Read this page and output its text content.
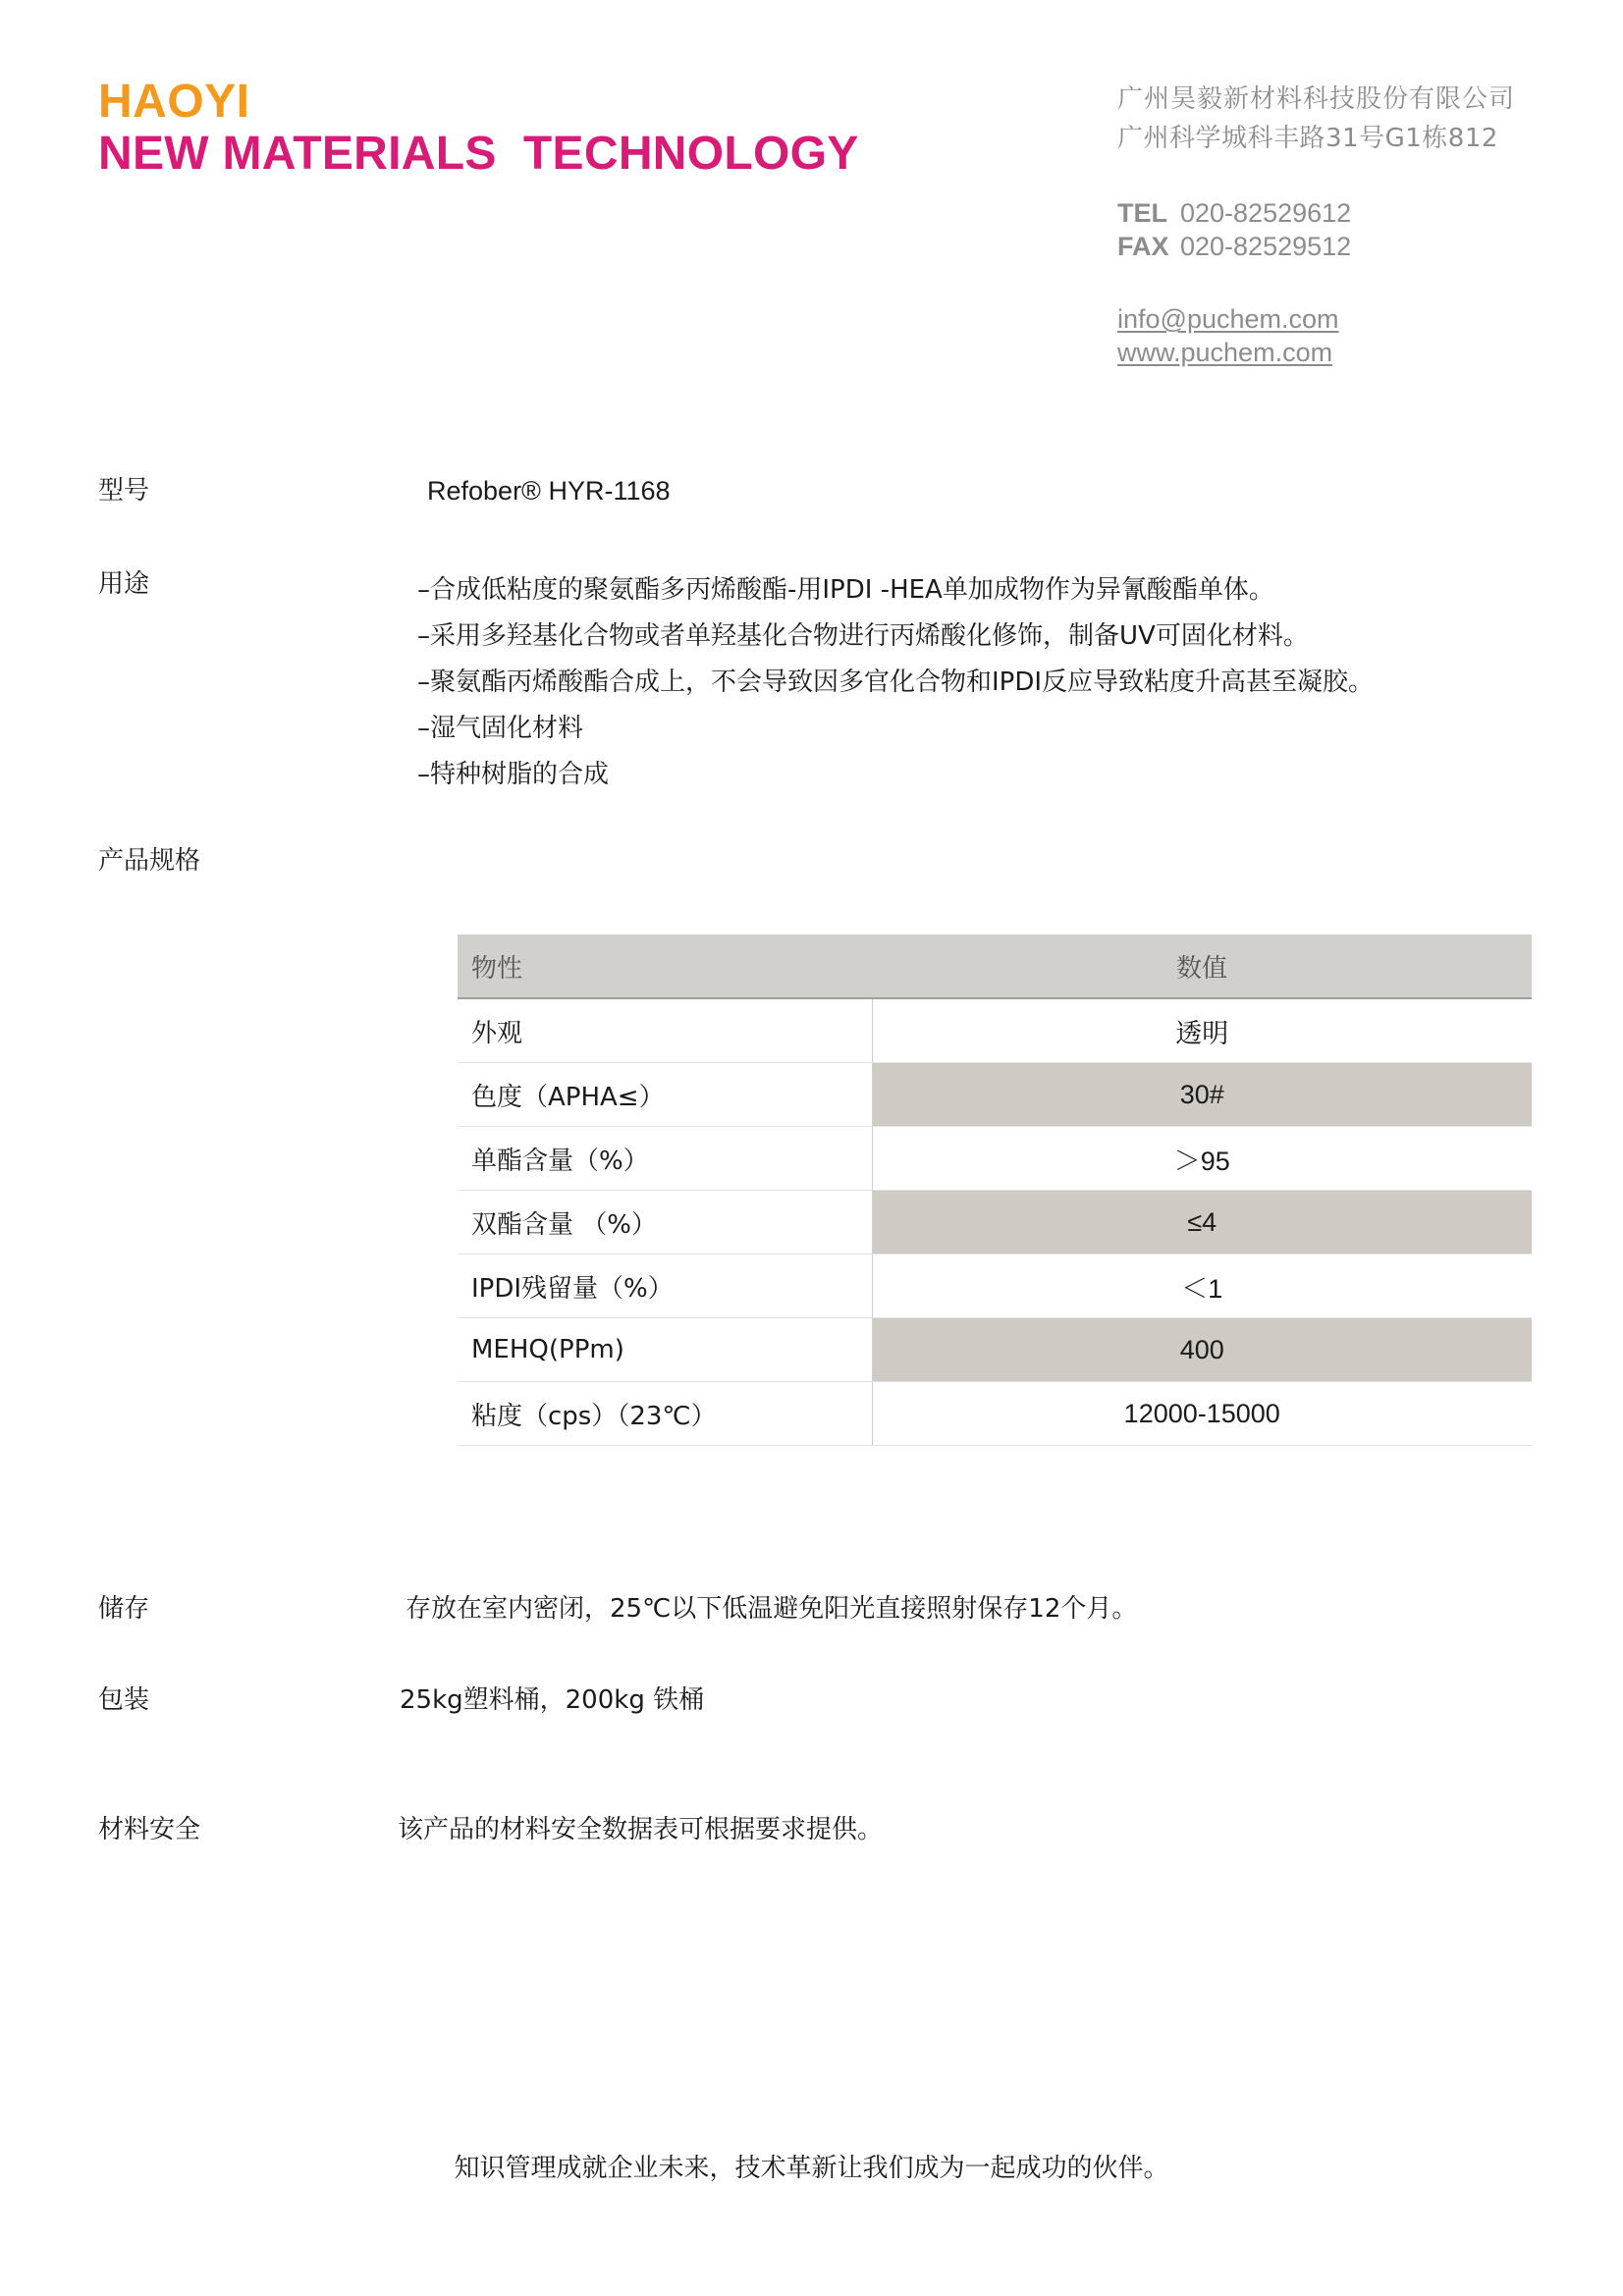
HAOYI
NEW MATERIALS  TECHNOLOGY
广州昊毅新材料科技股份有限公司
广州科学城科丰路31号G1栋812
TEL 020-82529612
FAX 020-82529512
info@puchem.com
www.puchem.com
型号	Refober® HYR-1168
用途	–合成低粘度的聚氨酯多丙烯酸酯-用IPDI -HEA单加成物作为异氰酸酯单体。
–采用多羟基化合物或者单羟基化合物进行丙烯酸化修饰，制备UV可固化材料。
–聚氨酯丙烯酸酯合成上，不会导致因多官化合物和IPDI反应导致粘度升高甚至凝胶。
–湿气固化材料
–特种树脂的合成
产品规格
物性	数值
外观	透明
色度（APHA≤）	30#
单酯含量（%）	＞95
双酯含量 （%）	≤4
IPDI残留量（%）	＜1
MEHQ(PPm)	400
粘度（cps）（23℃）	12000-15000
储存	存放在室内密闭，25℃以下低温避免阳光直接照射保存12个月。
包装	25kg塑料桶，200kg 铁桶
材料安全	该产品的材料安全数据表可根据要求提供。
知识管理成就企业未来，技术革新让我们成为一起成功的伙伴。
